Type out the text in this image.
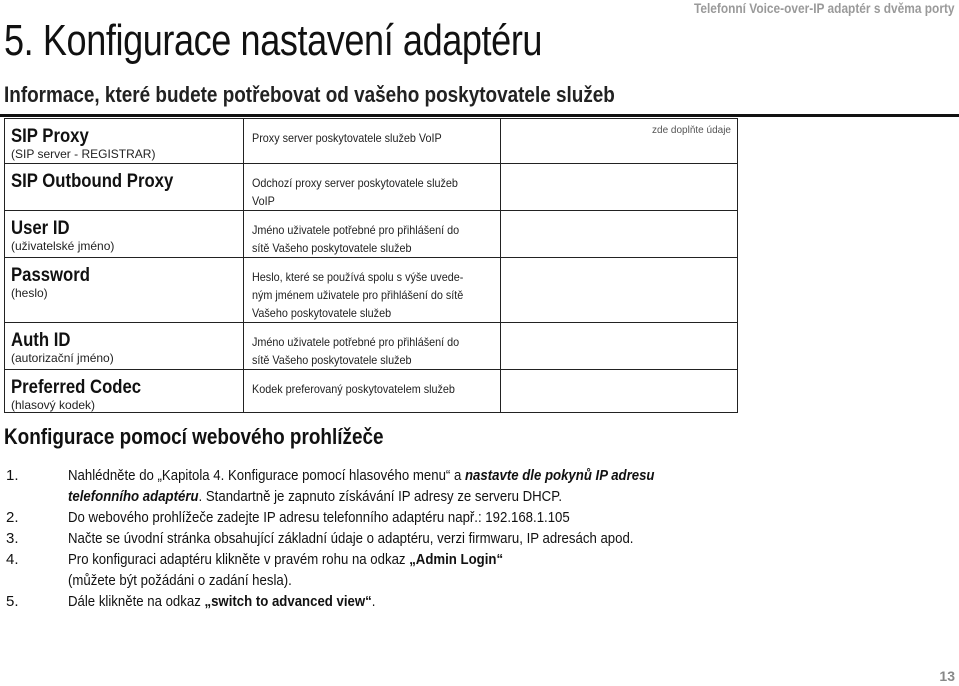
Telefonní Voice-over-IP adaptér s dvěma porty
5. Konfigurace nastavení adaptéru
Informace, které budete potřebovat od vašeho poskytovatele služeb
SIP Proxy
(SIP server - REGISTRAR)	Proxy server poskytovatele služeb VoIP	zde doplňte údaje

SIP Outbound Proxy	Odchozí proxy server poskytovatele služeb VoIP	

User ID
(uživatelské jméno)	Jméno uživatele potřebné pro přihlášení do sítě Vašeho poskytovatele služeb	

Password
(heslo)	Heslo, které se používá spolu s výše uvede- ným jménem uživatele pro přihlášení do sítě Vašeho poskytovatele služeb	

Auth ID
(autorizační jméno)	Jméno uživatele potřebné pro přihlášení do sítě Vašeho poskytovatele služeb	

Preferred Codec
(hlasový kodek)	Kodek preferovaný poskytovatelem služeb	

Konfigurace pomocí webového prohlížeče
1.	Nahlédněte do „Kapitola 4. Konfigurace pomocí hlasového menu“ a nastavte dle pokynů IP adresu
telefonního adaptéru. Standartně je zapnuto získávání IP adresy ze serveru DHCP.
2.	Do webového prohlížeče zadejte IP adresu telefonního adaptéru např.: 192.168.1.105
3.	Načte se úvodní stránka obsahující základní údaje o adaptéru, verzi firmwaru, IP adresách apod.
4.	Pro konfiguraci adaptéru klikněte v pravém rohu na odkaz „Admin Login“
(můžete být požádáni o zadání hesla).
5.	Dále klikněte na odkaz „switch to advanced view“.
13
